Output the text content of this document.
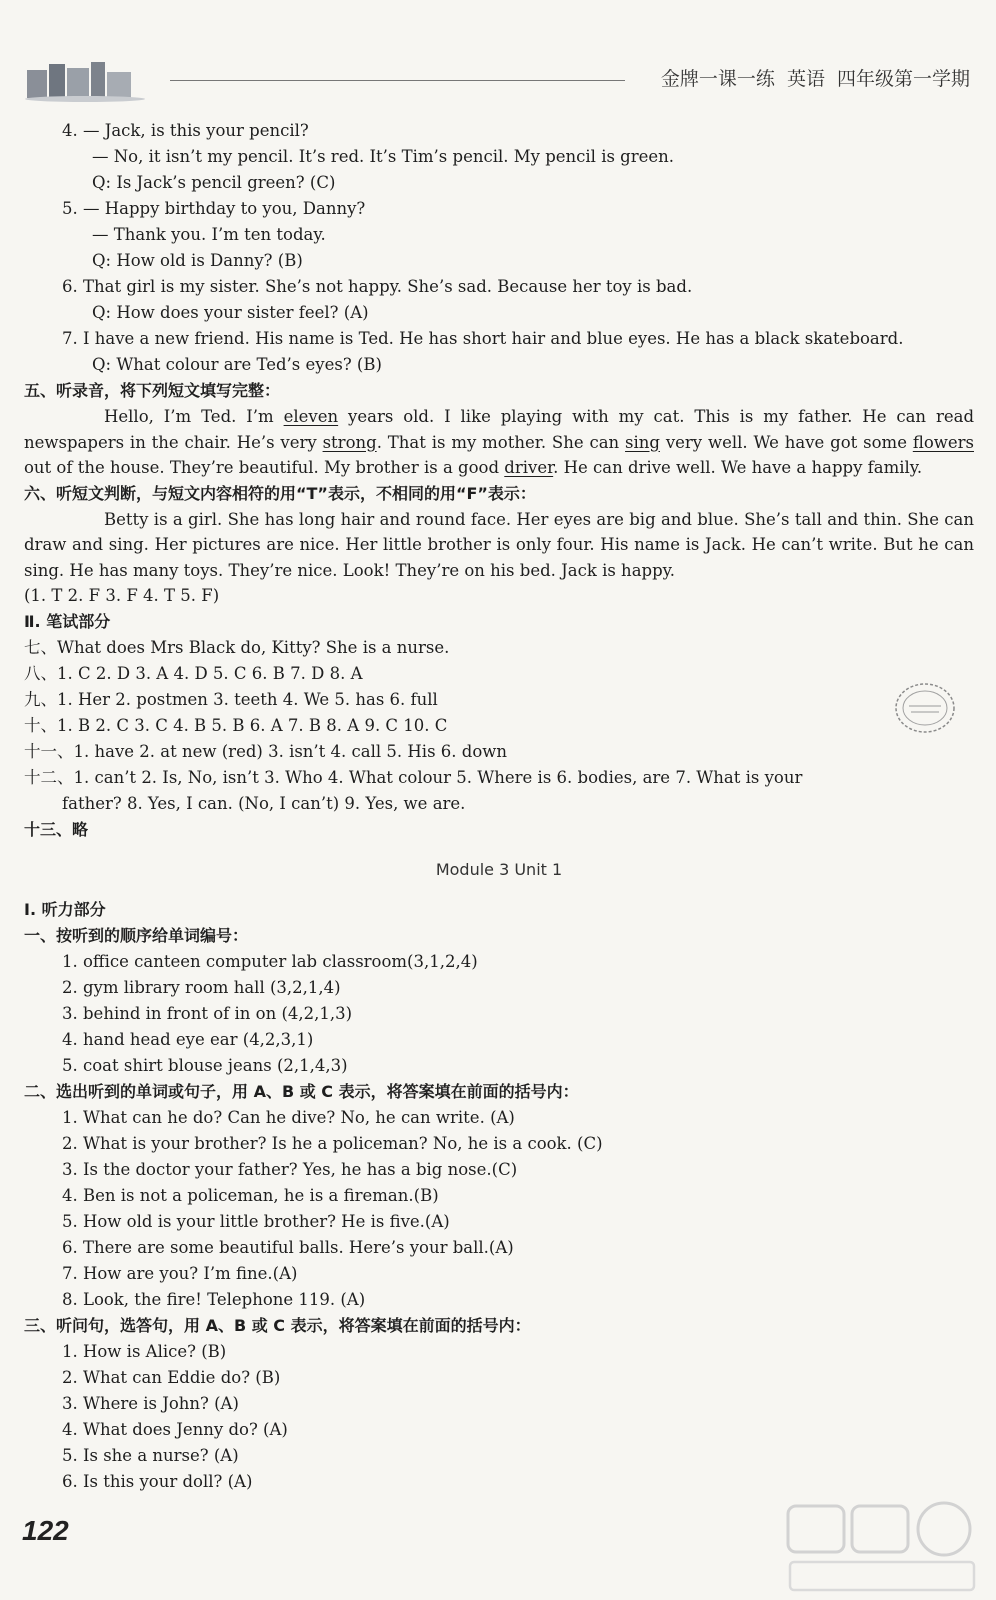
金牌一课一练 英语 四年级第一学期
4. — Jack, is this your pencil?
— No, it isn’t my pencil. It’s red. It’s Tim’s pencil. My pencil is green.
Q: Is Jack’s pencil green? (C)
5. — Happy birthday to you, Danny?
— Thank you. I’m ten today.
Q: How old is Danny? (B)
6. That girl is my sister. She’s not happy. She’s sad. Because her toy is bad.
Q: How does your sister feel? (A)
7. I have a new friend. His name is Ted. He has short hair and blue eyes. He has a black skateboard.
Q: What colour are Ted’s eyes? (B)
五、听录音，将下列短文填写完整：
Hello, I’m Ted. I’m eleven years old. I like playing with my cat. This is my father. He can read newspapers in the chair. He’s very strong. That is my mother. She can sing very well. We have got some flowers out of the house. They’re beautiful. My brother is a good driver. He can drive well. We have a happy family.
六、听短文判断，与短文内容相符的用“T”表示，不相同的用“F”表示：
Betty is a girl. She has long hair and round face. Her eyes are big and blue. She’s tall and thin. She can draw and sing. Her pictures are nice. Her little brother is only four. His name is Jack. He can’t write. But he can sing. He has many toys. They’re nice. Look! They’re on his bed. Jack is happy.
(1. T 2. F 3. F 4. T 5. F)
Ⅱ. 笔试部分
七、What does Mrs Black do, Kitty? She is a nurse.
八、1. C 2. D 3. A 4. D 5. C 6. B 7. D 8. A
九、1. Her 2. postmen 3. teeth 4. We 5. has 6. full
十、1. B 2. C 3. C 4. B 5. B 6. A 7. B 8. A 9. C 10. C
十一、1. have 2. at new (red) 3. isn’t 4. call 5. His 6. down
十二、1. can’t 2. Is, No, isn’t 3. Who 4. What colour 5. Where is 6. bodies, are 7. What is your
father? 8. Yes, I can. (No, I can’t) 9. Yes, we are.
十三、略
Module 3 Unit 1
Ⅰ. 听力部分
一、按听到的顺序给单词编号：
1. office canteen computer lab classroom(3,1,2,4)
2. gym library room hall (3,2,1,4)
3. behind in front of in on (4,2,1,3)
4. hand head eye ear (4,2,3,1)
5. coat shirt blouse jeans (2,1,4,3)
二、选出听到的单词或句子，用 A、B 或 C 表示，将答案填在前面的括号内：
1. What can he do? Can he dive? No, he can write. (A)
2. What is your brother? Is he a policeman? No, he is a cook. (C)
3. Is the doctor your father? Yes, he has a big nose.(C)
4. Ben is not a policeman, he is a fireman.(B)
5. How old is your little brother? He is five.(A)
6. There are some beautiful balls. Here’s your ball.(A)
7. How are you? I’m fine.(A)
8. Look, the fire! Telephone 119. (A)
三、听问句，选答句，用 A、B 或 C 表示，将答案填在前面的括号内：
1. How is Alice? (B)
2. What can Eddie do? (B)
3. Where is John? (A)
4. What does Jenny do? (A)
5. Is she a nurse? (A)
6. Is this your doll? (A)
122
